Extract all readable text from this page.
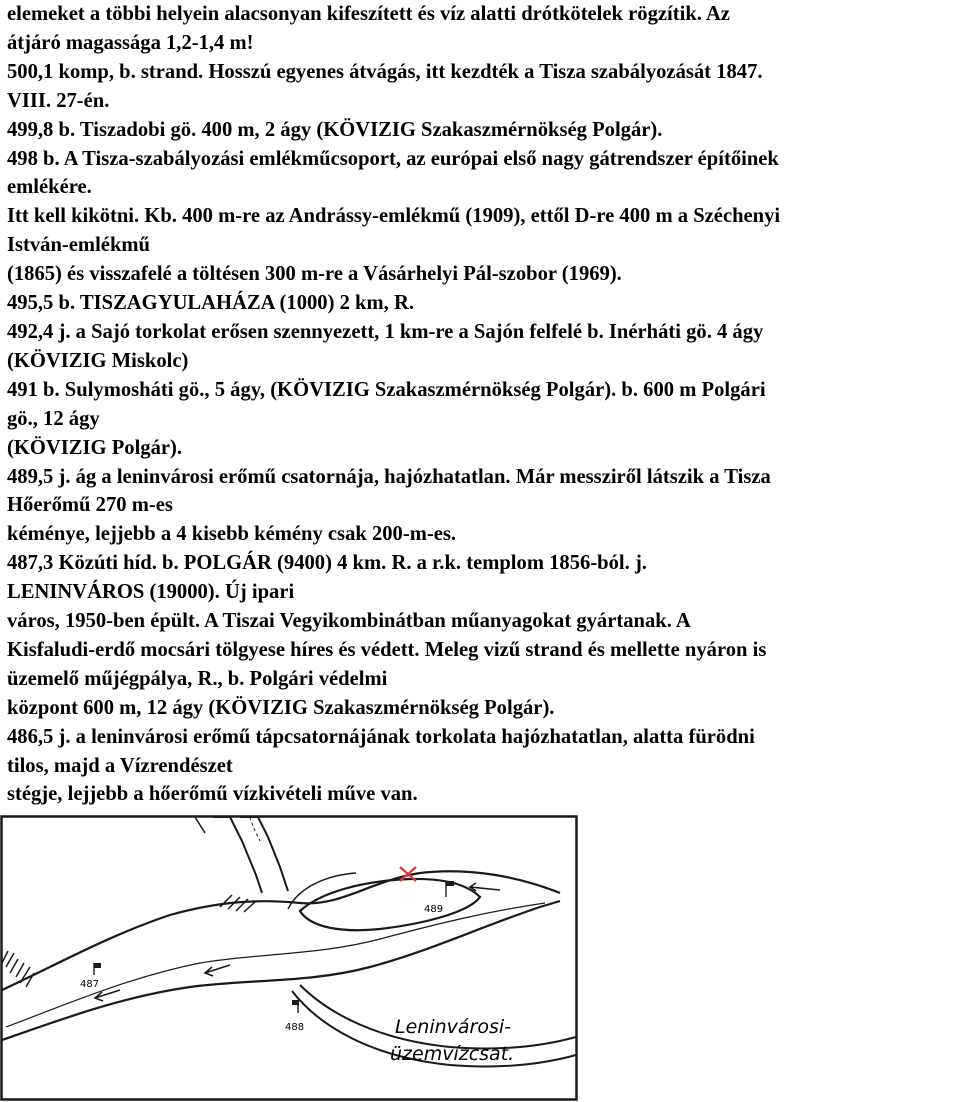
elemeket a többi helyein alacsonyan kifeszített és víz alatti drótkötelek rögzítik. Az
átjáró magassága 1,2-1,4 m!
500,1 komp, b. strand. Hosszú egyenes átvágás, itt kezdték a Tisza szabályozását 1847.
VIII. 27-én.
499,8 b. Tiszadobi gö. 400 m, 2 ágy (KÖVIZIG Szakaszmérnökség Polgár).
498 b. A Tisza-szabályozási emlékműcsoport, az európai első nagy gátrendszer építőinek
emlékére.
Itt kell kikötni. Kb. 400 m-re az Andrássy-emlékmű (1909), ettől D-re 400 m a Széchenyi
István-emlékmű
(1865) és visszafelé a töltésen 300 m-re a Vásárhelyi Pál-szobor (1969).
495,5 b. TISZAGYULAHÁZA (1000) 2 km, R.
492,4 j. a Sajó torkolat erősen szennyezett, 1 km-re a Sajón felfelé b. Inérháti gö. 4 ágy
(KÖVIZIG Miskolc)
491 b. Sulymosháti gö., 5 ágy, (KÖVIZIG Szakaszmérnökség Polgár). b. 600 m Polgári
gö., 12 ágy
(KÖVIZIG Polgár).
489,5 j. ág a leninvárosi erőmű csatornája, hajózhatatlan. Már messziről látszik a Tisza
Hőerőmű 270 m-es
kéménye, lejjebb a 4 kisebb kémény csak 200-m-es.
487,3 Közúti híd. b. POLGÁR (9400) 4 km. R. a r.k. templom 1856-ból. j.
LENINVÁROS (19000). Új ipari
város, 1950-ben épült. A Tiszai Vegyikombinátban műanyagokat gyártanak. A
Kisfaludi-erdő mocsári tölgyese híres és védett. Meleg vizű strand és mellette nyáron is
üzemelő műjégpálya, R., b. Polgári védelmi
központ 600 m, 12 ágy (KÖVIZIG Szakaszmérnökség Polgár).
486,5 j. a leninvárosi erőmű tápcsatornájának torkolata hajózhatatlan, alatta fürödni
tilos, majd a Vízrendészet
stégje, lejjebb a hőerőmű vízkivételi műve van.
489
487
488	Leninvárosi-
üzemvízcsat.
